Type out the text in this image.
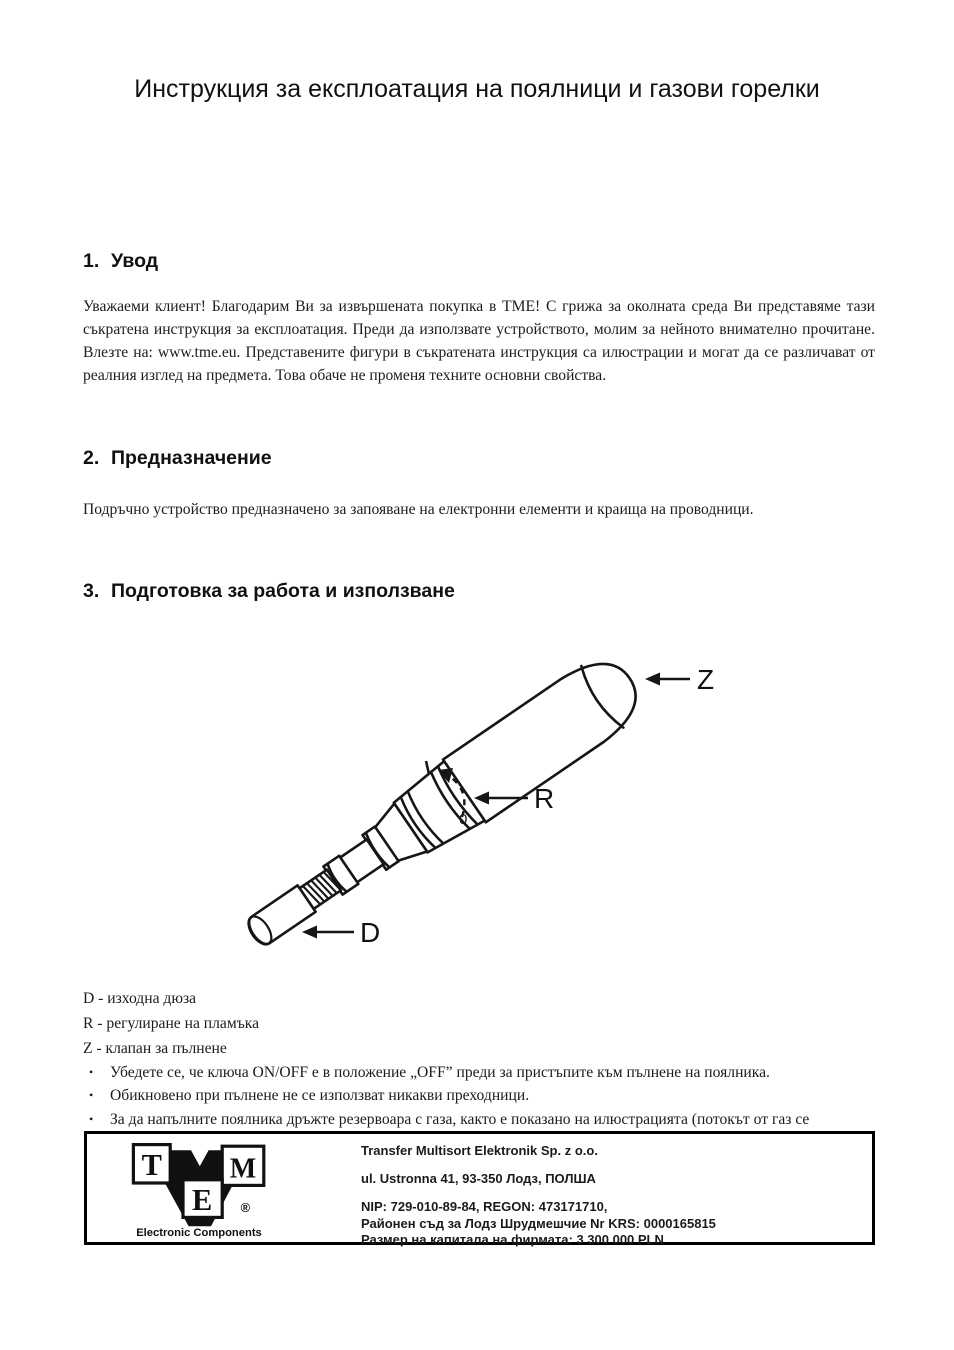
Инструкция за експлоатация на поялници и газови горелки
1. Увод

Уважаеми клиент! Благодарим Ви за извършената покупка в TME! С грижа за околната среда Ви представяме тази съкратена инструкция за експлоатация. Преди да използвате устройството, молим за нейното внимателно прочитане. Влезте на: www.tme.eu. Представените фигури в съкратената инструкция са илюстрации и могат да се различават от реалния изглед на предмета. Това обаче не променя техните основни свойства.

2. Предназначение

Подръчно устройство предназначено за запояване на електронни елементи и краища на проводници.

3. Подготовка за работа и използване
0
Z
R
D
D - изходна дюза
R - регулиране на пламъка
Z - клапан за пълнене
•	Убедете се, че ключа ON/OFF е в положение „OFF” преди за пристъпите към пълнене на поялника.
•	Обикновено при пълнене не се използват никакви преходници.
•	За да напълните поялника дръжте резервоара с газа, както е показано на илюстрацията (потокът от газ се
T M
E ®
Electronic Components
Transfer Multisort Elektronik Sp. z o.o.
ul. Ustronna 41, 93-350 Лодз, ПОЛША
NIP: 729-010-89-84, REGON: 473171710,
Районен съд за Лодз Шрудмешчие Nr KRS: 0000165815
Размер на капитала на фирмата: 3 300 000 PLN
